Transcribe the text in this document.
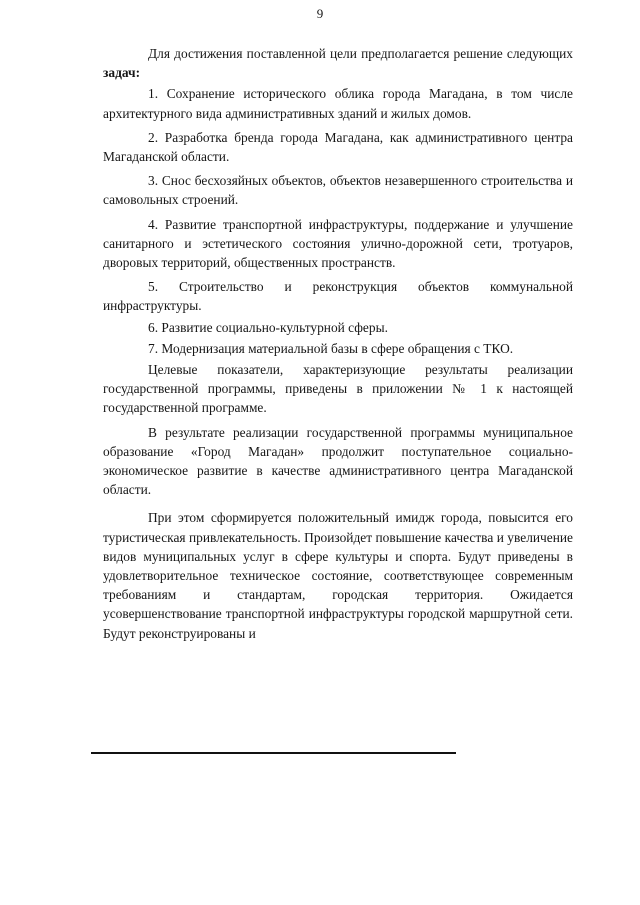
9

Для достижения поставленной цели предполагается решение следующих задач:

1. Сохранение исторического облика города Магадана, в том числе архитектурного вида административных зданий и жилых домов.

2. Разработка бренда города Магадана, как административного центра Магаданской области.

3. Снос бесхозяйных объектов, объектов незавершенного строительства и самовольных строений.

4. Развитие транспортной инфраструктуры, поддержание и улучшение санитарного и эстетического состояния улично-дорожной сети, тротуаров, дворовых территорий, общественных пространств.

5. Строительство и реконструкция объектов коммунальной инфраструктуры.

6. Развитие социально-культурной сферы.

7. Модернизация материальной базы в сфере обращения с ТКО.

Целевые показатели, характеризующие результаты реализации государственной программы, приведены в приложении № 1 к настоящей государственной программе.

В результате реализации государственной программы муниципальное образование «Город Магадан» продолжит поступательное социально-экономическое развитие в качестве административного центра Магаданской области.

При этом сформируется положительный имидж города, повысится его туристическая привлекательность. Произойдет повышение качества и увеличение видов муниципальных услуг в сфере культуры и спорта. Будут приведены в удовлетворительное техническое состояние, соответствующее современным требованиям и стандартам, городская территория. Ожидается усовершенствование транспортной инфраструктуры городской маршрутной сети. Будут реконструированы и
